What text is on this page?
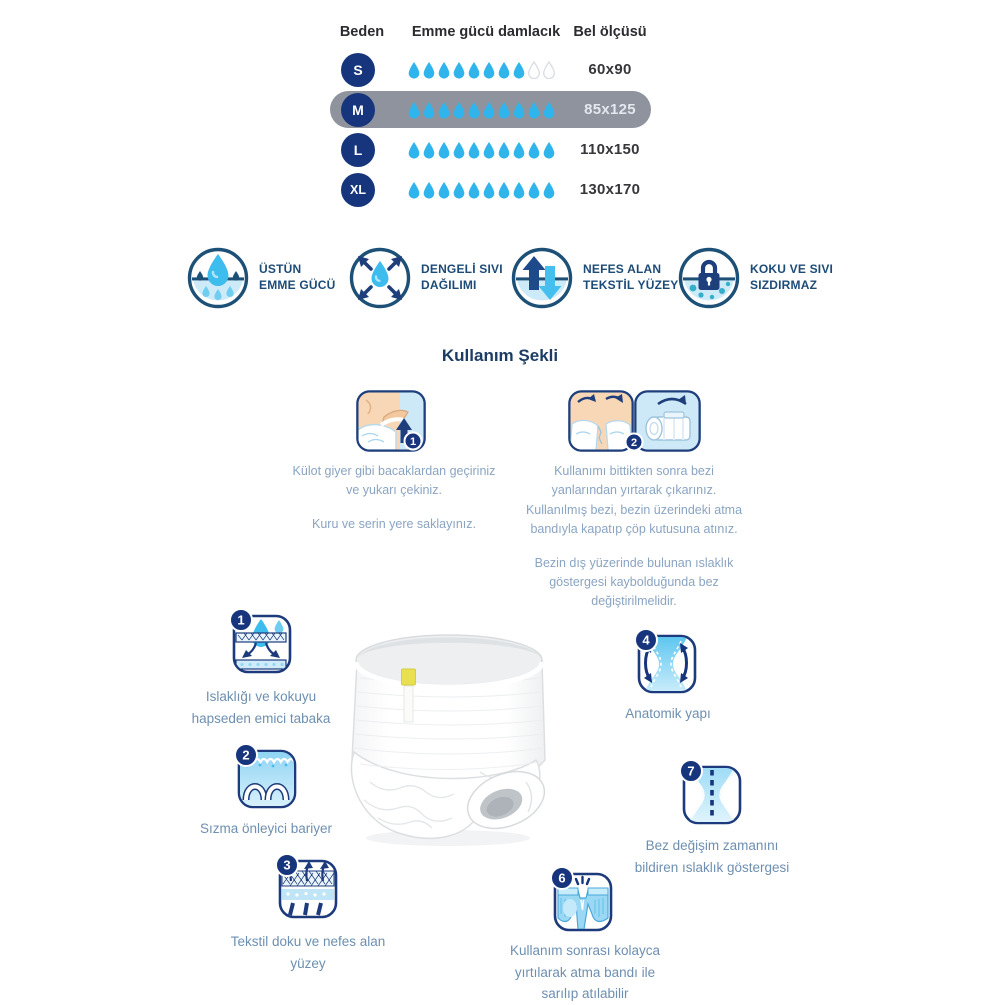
Beden	Emme gücü damlacık Bel ölçüsü
S	60x90
M	85x125
L	110x150
XL	130x170
ÜSTÜN
EMME GÜCÜ
DENGELİ SIVI
DAĞILIMI
NEFES ALAN
TEKSTİL YÜZEY
KOKU VE SIVI
SIZDIRMAZ
Kullanım Şekli
1	2

Külot giyer gibi bacaklardan geçiriniz ve yukarı çekiniz.

Kuru ve serin yere saklayınız.

Kullanımı bittikten sonra bezi yanlarından yırtarak çıkarınız. Kullanılmış bezi, bezin üzerindeki atma bandıyla kapatıp çöp kutusuna atınız.

Bezin dış yüzerinde bulunan ıslaklık göstergesi kaybolduğunda bez değiştirilmelidir.

1
2
3
4
7
6
Islaklığı ve kokuyu
hapseden emici tabaka
Sızma önleyici bariyer
Tekstil doku ve nefes alan
yüzey
Anatomik yapı
Bez değişim zamanını
bildiren ıslaklık göstergesi
Kullanım sonrası kolayca
yırtılarak atma bandı ile
sarılıp atılabilir
